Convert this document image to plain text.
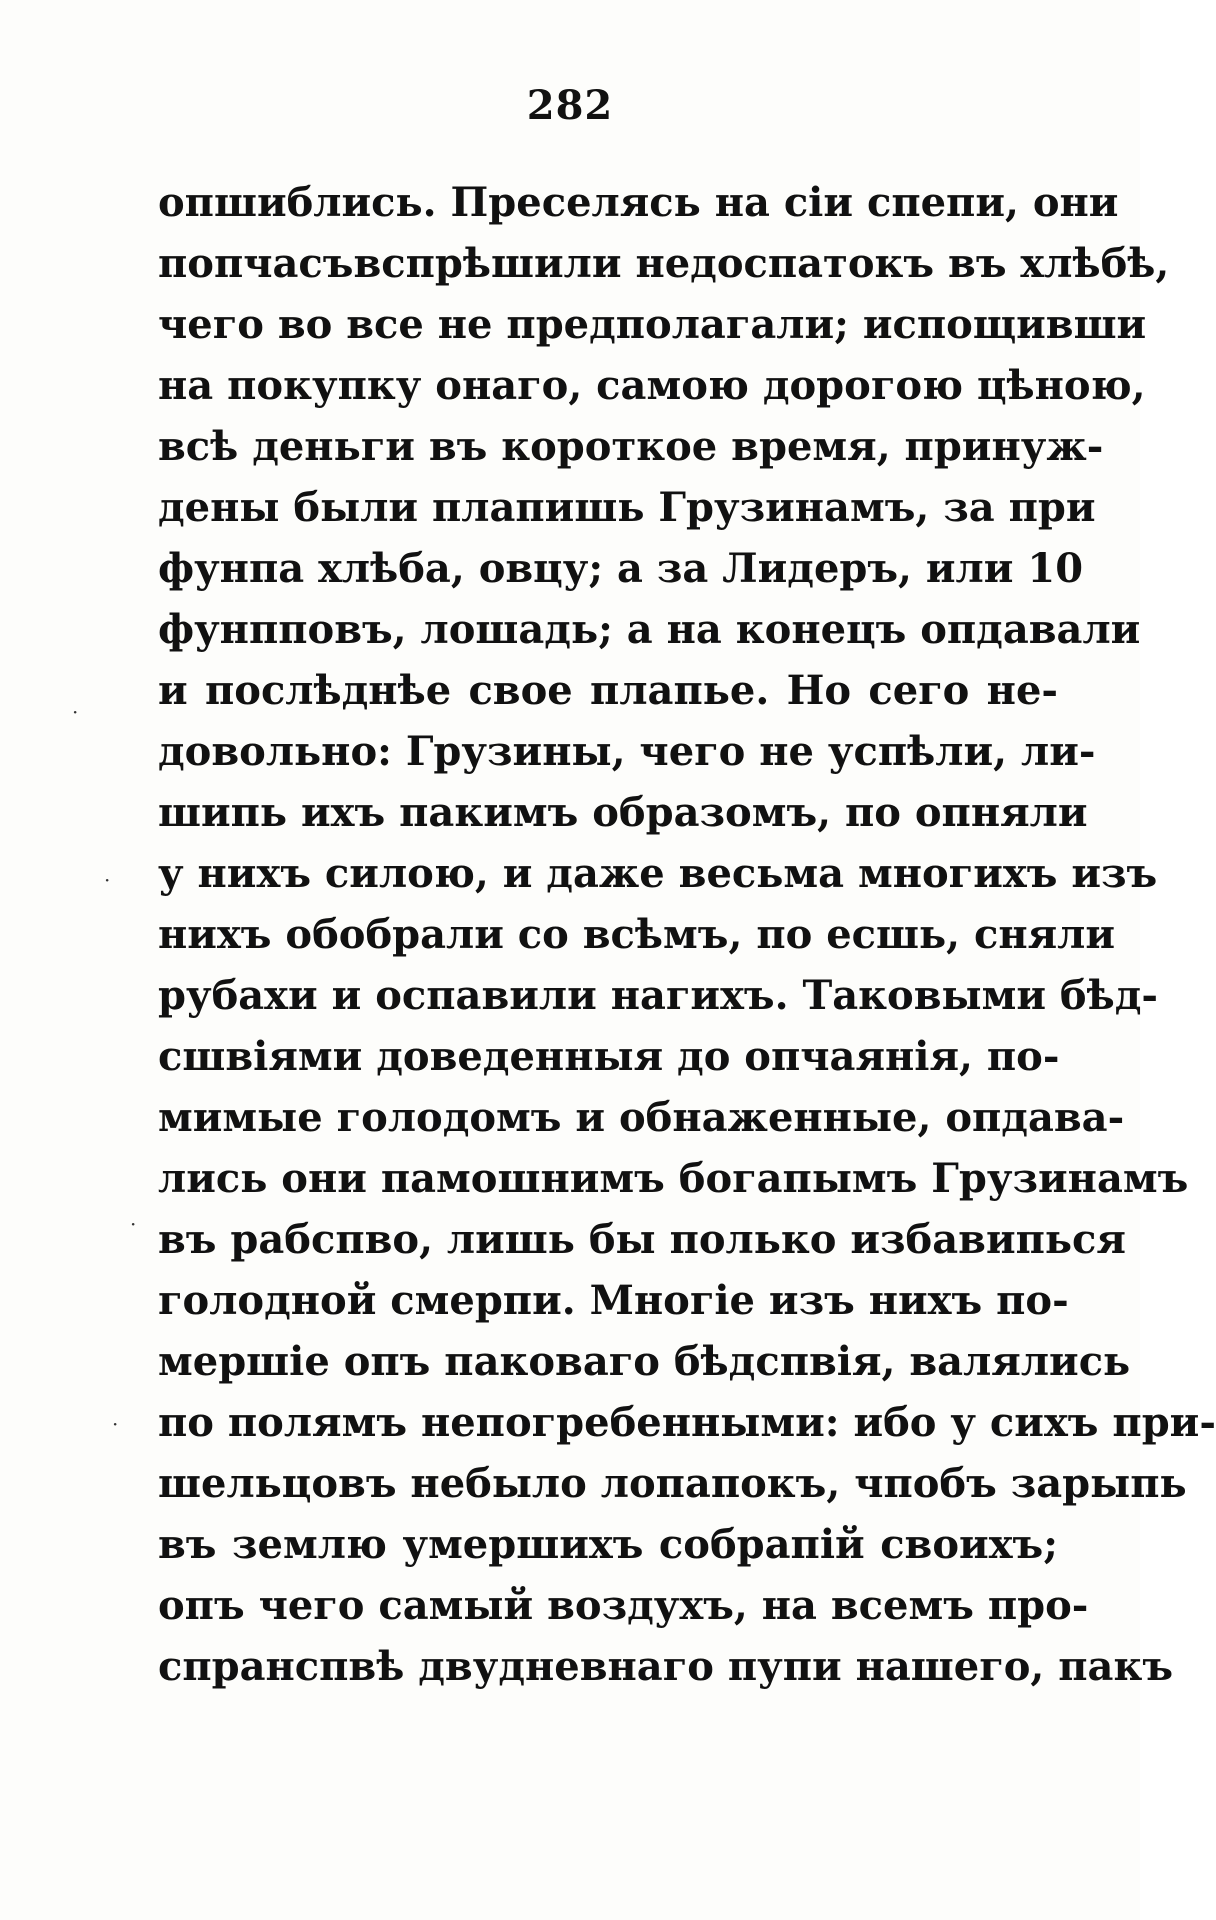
282
опшиблись. Преселясь на сіи спепи, они
попчасъвспрѣшили недоспатокъ въ хлѣбѣ,
чего во все не предполагали; испощивши
на покупку онаго, самою дорогою цѣною,
всѣ деньги въ короткое время, принуж-
дены были плапишь Грузинамъ, за при
фунпа хлѣба, овцу; а за Лидеръ, или 10
фунпповъ, лошадь; а на конецъ опдавали
и послѣднѣе свое плапье. Но сего не-
довольно: Грузины, чего не успѣли, ли-
шипь ихъ пакимъ образомъ, по опняли
у нихъ силою, и даже весьма многихъ изъ
нихъ обобрали со всѣмъ, по есшь, сняли
рубахи и оспавили нагихъ. Таковыми бѣд-
сшвіями доведенныя до опчаянія, по-
мимые голодомъ и обнаженные, опдава-
лись они памошнимъ богапымъ Грузинамъ
въ рабспво, лишь бы полько избавипься
голодной смерпи. Многіе изъ нихъ по-
мершіе опъ паковаго бѣдспвія, валялись
по полямъ непогребенными: ибо у сихъ при-
шельцовъ небыло лопапокъ, чпобъ зарыпь
въ землю умершихъ собрапій своихъ;
опъ чего самый воздухъ, на всемъ про-
спранспвѣ двудневнаго пупи нашего, пакъ
·
·
·
·
